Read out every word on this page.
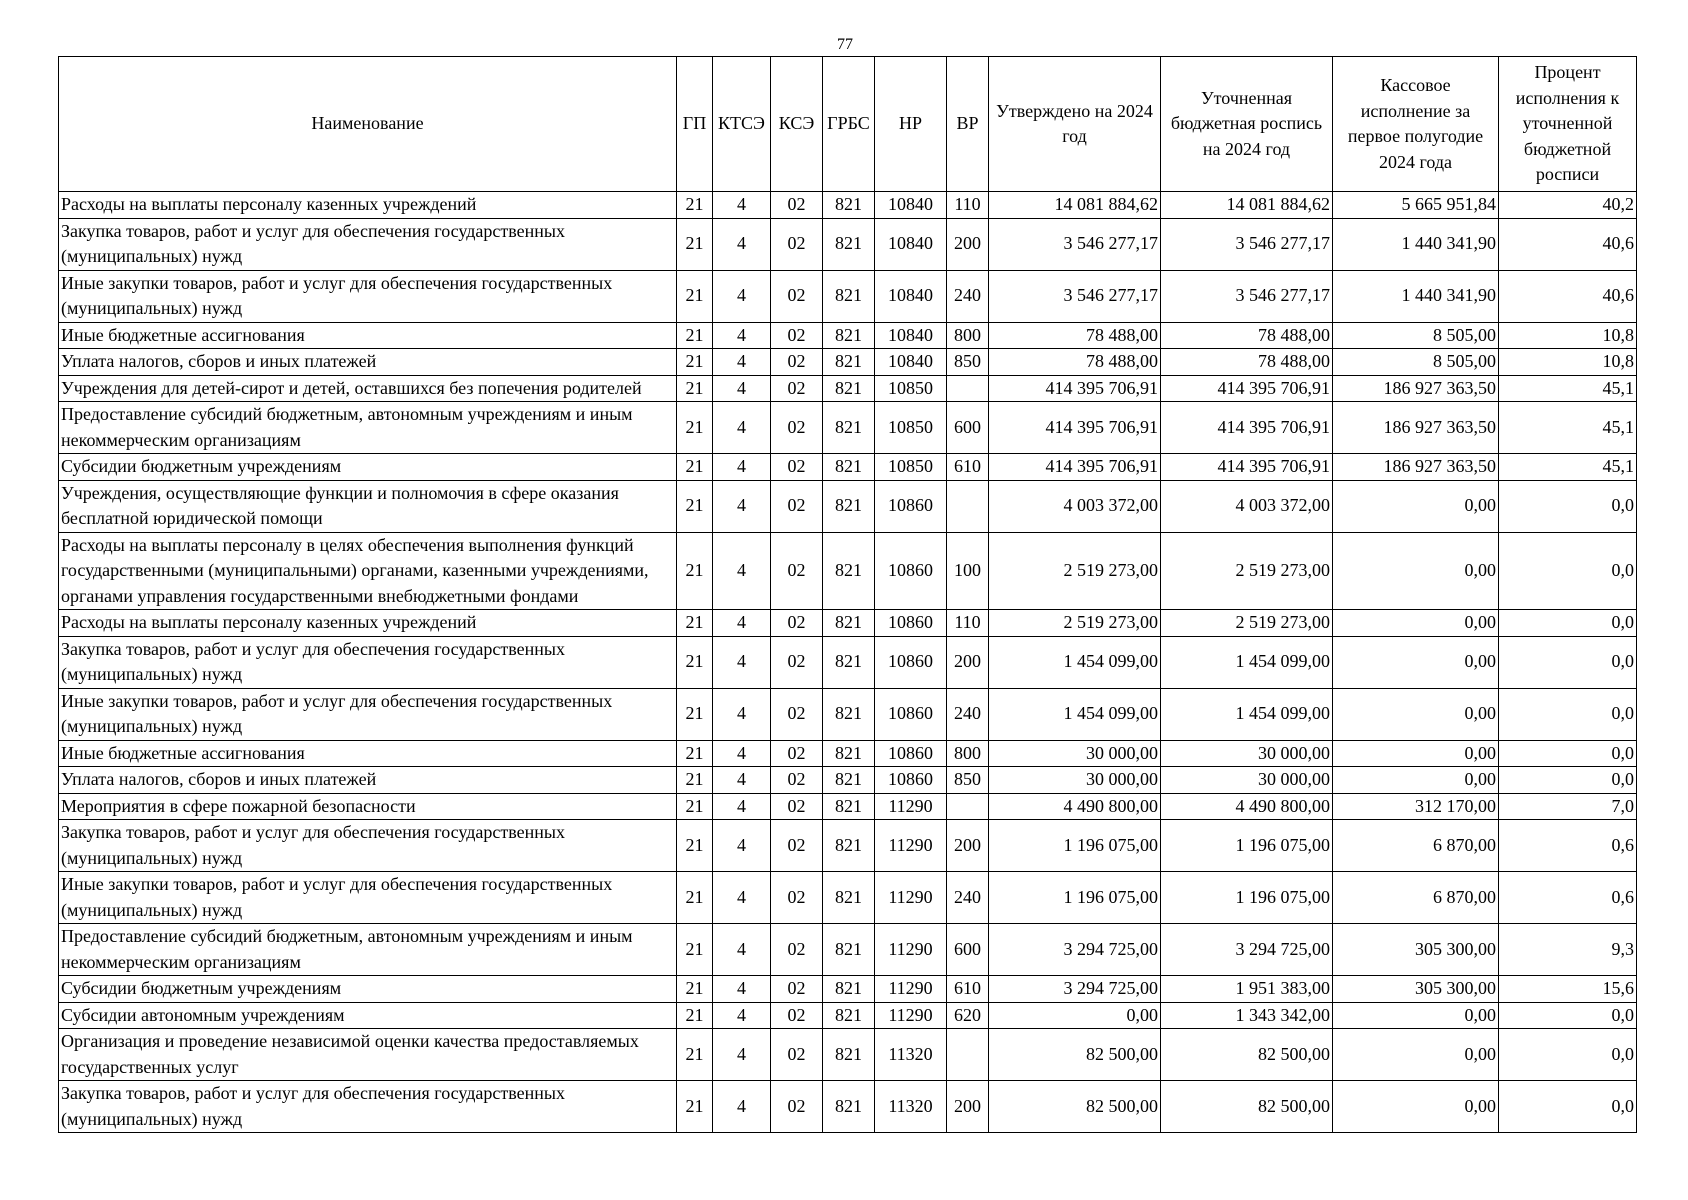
77
Наименование	ГП	КТСЭ	КСЭ	ГРБС	НР	ВР	Утверждено на 2024 год	Уточненная бюджетная роспись на 2024 год	Кассовое исполнение за первое полугодие 2024 года	Процент исполнения к уточненной бюджетной росписи
Расходы на выплаты персоналу казенных учреждений	21	4	02	821	10840	110	14 081 884,62	14 081 884,62	5 665 951,84	40,2
Закупка товаров, работ и услуг для обеспечения государственных (муниципальных) нужд	21	4	02	821	10840	200	3 546 277,17	3 546 277,17	1 440 341,90	40,6
Иные закупки товаров, работ и услуг для обеспечения государственных (муниципальных) нужд	21	4	02	821	10840	240	3 546 277,17	3 546 277,17	1 440 341,90	40,6
Иные бюджетные ассигнования	21	4	02	821	10840	800	78 488,00	78 488,00	8 505,00	10,8
Уплата налогов, сборов и иных платежей	21	4	02	821	10840	850	78 488,00	78 488,00	8 505,00	10,8
Учреждения для детей-сирот и детей, оставшихся без попечения родителей	21	4	02	821	10850		414 395 706,91	414 395 706,91	186 927 363,50	45,1
Предоставление субсидий бюджетным, автономным учреждениям и иным некоммерческим организациям	21	4	02	821	10850	600	414 395 706,91	414 395 706,91	186 927 363,50	45,1
Субсидии бюджетным учреждениям	21	4	02	821	10850	610	414 395 706,91	414 395 706,91	186 927 363,50	45,1
Учреждения, осуществляющие функции и полномочия в сфере оказания бесплатной юридической помощи	21	4	02	821	10860		4 003 372,00	4 003 372,00	0,00	0,0
Расходы на выплаты персоналу в целях обеспечения выполнения функций государственными (муниципальными) органами, казенными учреждениями, органами управления государственными внебюджетными фондами	21	4	02	821	10860	100	2 519 273,00	2 519 273,00	0,00	0,0
Расходы на выплаты персоналу казенных учреждений	21	4	02	821	10860	110	2 519 273,00	2 519 273,00	0,00	0,0
Закупка товаров, работ и услуг для обеспечения государственных (муниципальных) нужд	21	4	02	821	10860	200	1 454 099,00	1 454 099,00	0,00	0,0
Иные закупки товаров, работ и услуг для обеспечения государственных (муниципальных) нужд	21	4	02	821	10860	240	1 454 099,00	1 454 099,00	0,00	0,0
Иные бюджетные ассигнования	21	4	02	821	10860	800	30 000,00	30 000,00	0,00	0,0
Уплата налогов, сборов и иных платежей	21	4	02	821	10860	850	30 000,00	30 000,00	0,00	0,0
Мероприятия в сфере пожарной безопасности	21	4	02	821	11290		4 490 800,00	4 490 800,00	312 170,00	7,0
Закупка товаров, работ и услуг для обеспечения государственных (муниципальных) нужд	21	4	02	821	11290	200	1 196 075,00	1 196 075,00	6 870,00	0,6
Иные закупки товаров, работ и услуг для обеспечения государственных (муниципальных) нужд	21	4	02	821	11290	240	1 196 075,00	1 196 075,00	6 870,00	0,6
Предоставление субсидий бюджетным, автономным учреждениям и иным некоммерческим организациям	21	4	02	821	11290	600	3 294 725,00	3 294 725,00	305 300,00	9,3
Субсидии бюджетным учреждениям	21	4	02	821	11290	610	3 294 725,00	1 951 383,00	305 300,00	15,6
Субсидии автономным учреждениям	21	4	02	821	11290	620	0,00	1 343 342,00	0,00	0,0
Организация и проведение независимой оценки качества предоставляемых государственных услуг	21	4	02	821	11320		82 500,00	82 500,00	0,00	0,0
Закупка товаров, работ и услуг для обеспечения государственных (муниципальных) нужд	21	4	02	821	11320	200	82 500,00	82 500,00	0,00	0,0
